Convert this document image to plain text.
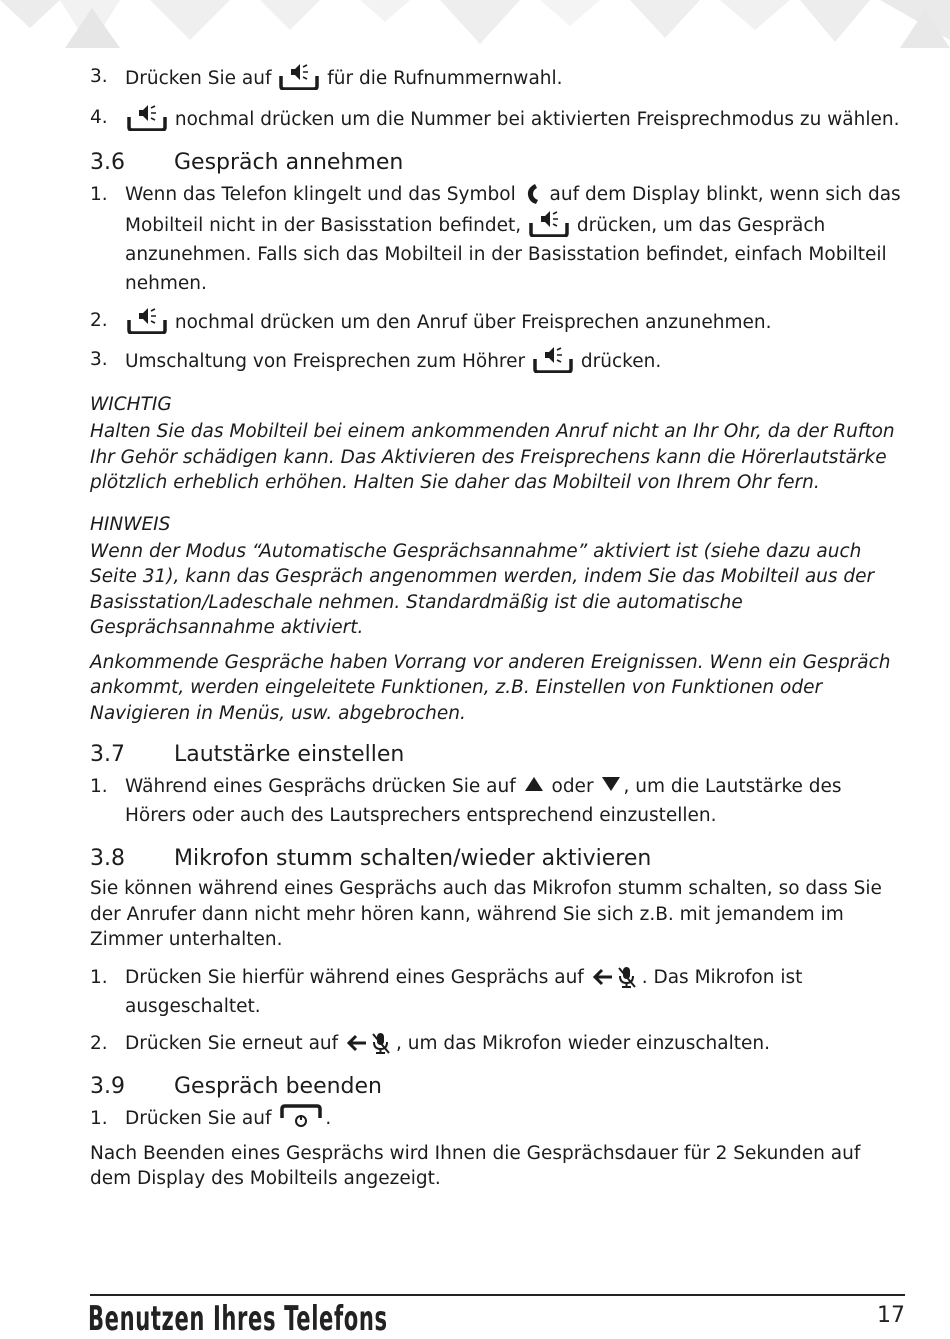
3. Drücken Sie auf	für die Rufnummernwahl.
4.	nochmal drücken um die Nummer bei aktivierten Freisprechmodus zu wählen.
3.6 Gespräch annehmen
1. Wenn das Telefon klingelt und das Symbol auf dem Display blinkt, wenn sich das Mobilteil nicht in der Basisstation befindet,	drücken, um das Gespräch anzunehmen. Falls sich das Mobilteil in der Basisstation befindet, einfach Mobilteil nehmen.
2.	nochmal drücken um den Anruf über Freisprechen anzunehmen.
3. Umschaltung von Freisprechen zum Höhrer	drücken.
WICHTIG

Halten Sie das Mobilteil bei einem ankommenden Anruf nicht an Ihr Ohr, da der Rufton Ihr Gehör schädigen kann. Das Aktivieren des Freisprechens kann die Hörerlautstärke plötzlich erheblich erhöhen. Halten Sie daher das Mobilteil von Ihrem Ohr fern.

HINWEIS

Wenn der Modus “Automatische Gesprächsannahme” aktiviert ist (siehe dazu auch Seite 31), kann das Gespräch angenommen werden, indem Sie das Mobilteil aus der Basisstation/Ladeschale nehmen. Standardmäßig ist die automatische Gesprächsannahme aktiviert.

Ankommende Gespräche haben Vorrang vor anderen Ereignissen. Wenn ein Gespräch ankommt, werden eingeleitete Funktionen, z.B. Einstellen von Funktionen oder Navigieren in Menüs, usw. abgebrochen.

3.7 Lautstärke einstellen
1. Während eines Gesprächs drücken Sie auf oder , um die Lautstärke des Hörers oder auch des Lautsprechers entsprechend einzustellen.
3.8 Mikrofon stumm schalten/wieder aktivieren

Sie können während eines Gesprächs auch das Mikrofon stumm schalten, so dass Sie der Anrufer dann nicht mehr hören kann, während Sie sich z.B. mit jemandem im Zimmer unterhalten.

1. Drücken Sie hierfür während eines Gesprächs auf	. Das Mikrofon ist ausgeschaltet.
2. Drücken Sie erneut auf	, um das Mikrofon wieder einzuschalten.
3.9 Gespräch beenden
1. Drücken Sie auf	.

Nach Beenden eines Gesprächs wird Ihnen die Gesprächsdauer für 2 Sekunden auf dem Display des Mobilteils angezeigt.

Benutzen Ihres Telefons	17
